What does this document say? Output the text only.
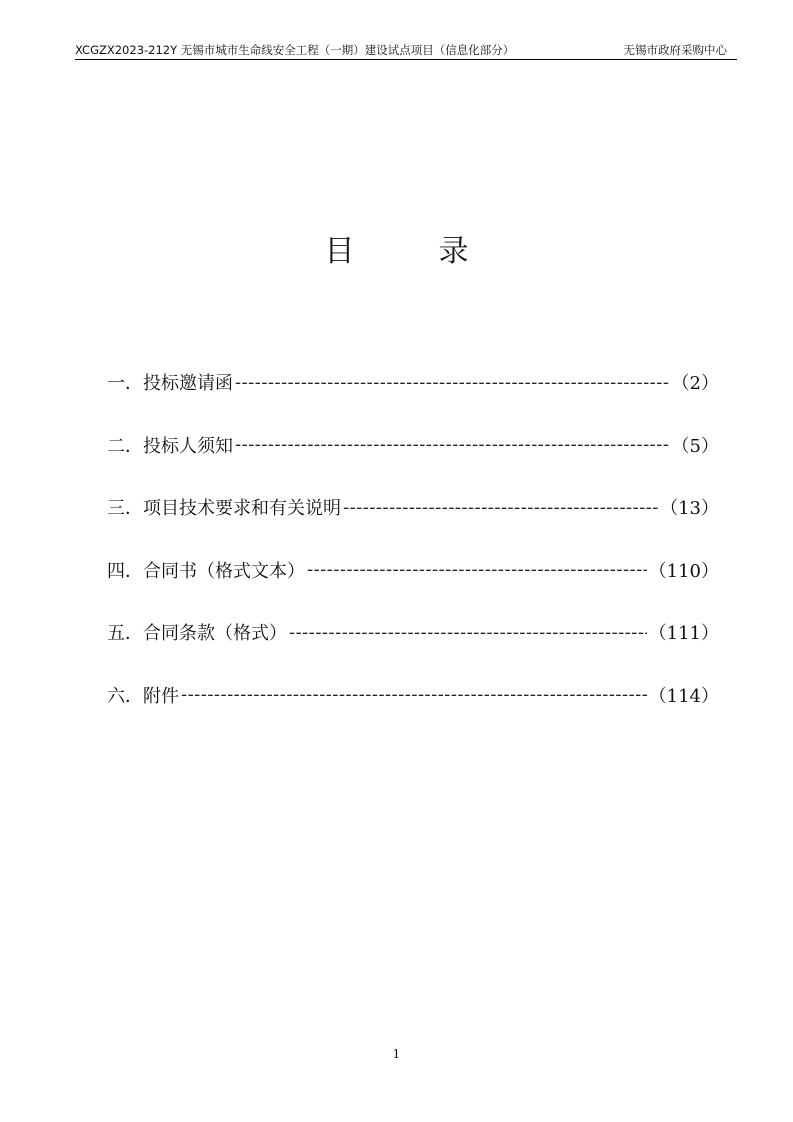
XCGZX2023-212Y 无锡市城市生命线安全工程（一期）建设试点项目（信息化部分）	无锡市政府采购中心
目	录
一．投标邀请函 -----	（2）
二．投标人须知 -----	（5）
三．项目技术要求和有关说明 -----	（13）
四．合同书（格式文本） -----	（110）
五．合同条款（格式） -----	（111）
六．附件 -----	（114）
1
